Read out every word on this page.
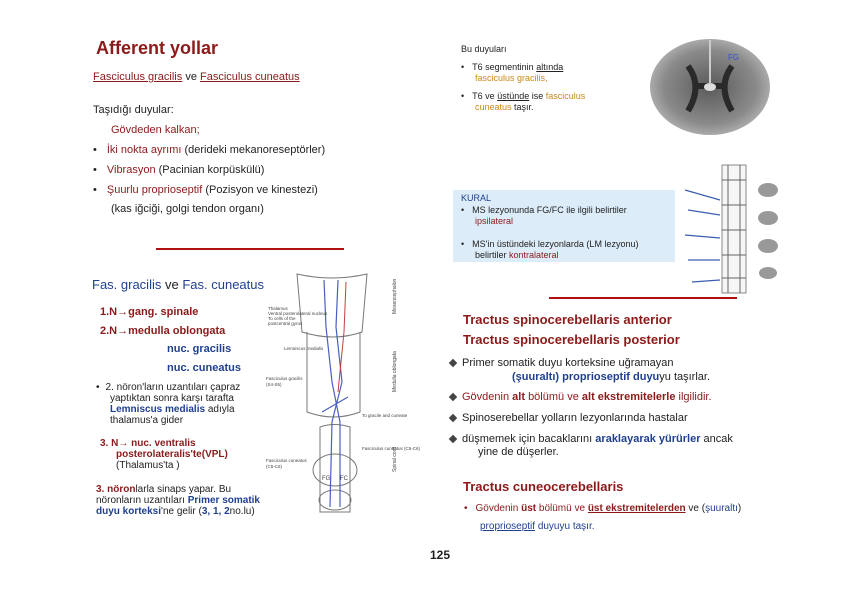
Afferent yollar
Fasciculus gracilis ve Fasciculus cuneatus
Taşıdığı duyular:
Gövdeden kalkan;
• İki nokta ayrımı (derideki mekanoreseptörler)
• Vibrasyon (Pacinian korpüskülü)
• Şuurlu proprioseptif (Pozisyon ve kinestezi)
(kas iğciği, golgi tendon organı)
Bu duyuları
• T6 segmentinin altında
fasciculus gracilis,
• T6 ve üstünde ise fasciculus
cuneatus taşır.
FG
KURAL
• MS lezyonunda FG/FC ile ilgili belirtiler
ipsilateral
• MS'in üstündeki lezyonlarda (LM lezyonu)
belirtiler kontralateral
Fas. gracilis ve Fas. cuneatus
1.N→gang. spinale
2.N→medulla oblongata
nuc. gracilis
nuc. cuneatus
• 2. nöron'ların uzantıları çapraz
yaptıktan sonra karşı tarafta
Lemniscus medialis adıyla
thalamus'a gider
3. N→ nuc. ventralis
posterolateralis'te(VPL)
(Thalamus'ta )
3. nöronlarla sinaps yapar. Bu
nöronların uzantıları Primer somatik
duyu korteksi'ne gelir (3, 1, 2no.lu)
Thalamus
Ventral posterolateral nucleus
To cells of the
postcentral gyrus
Lemniscus medialis
Fasciculus gracilis
(S4-S5)
Fasciculus cuneatus
(C5-C6)
To gracile and cuneate
Fasciculus cuneatus (C5-C6)
FG FC
Mesencephalon
Medulla oblongata
Spinal cord
Tractus spinocerebellaris anterior
Tractus spinocerebellaris posterior
Primer somatik duyu korteksine uğramayan
(şuuraltı) proprioseptif duyuyu taşırlar.
Gövdenin alt bölümü ve alt ekstremitelerle ilgilidir.
Spinoserebellar yolların lezyonlarında hastalar
düşmemek için bacaklarını araklayarak yürürler ancak
yine de düşerler.
Tractus cuneocerebellaris
• Gövdenin üst bölümü ve üst ekstremitelerden ve (şuuraltı)
proprioseptif duyuyu taşır.
125
